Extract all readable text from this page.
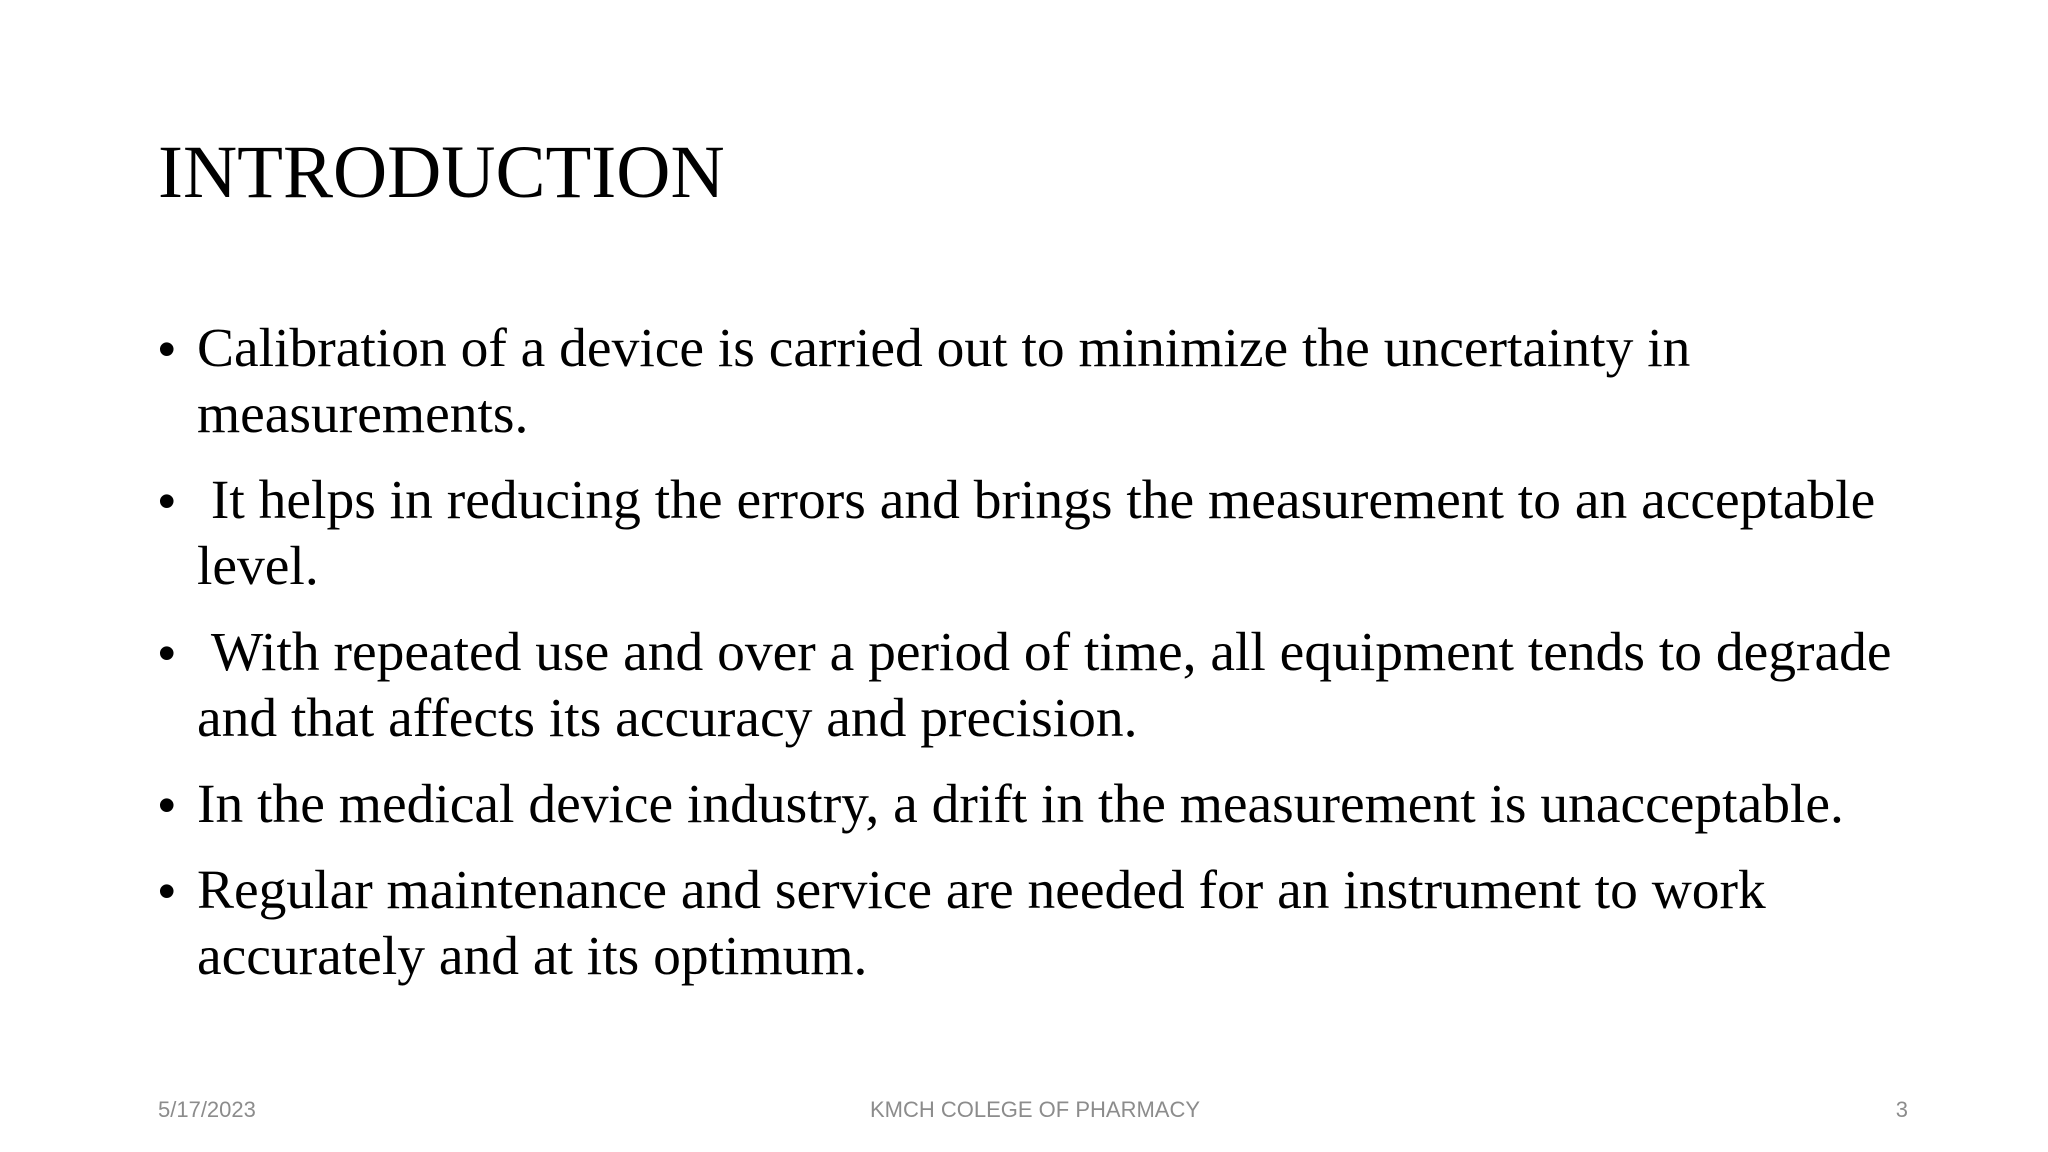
INTRODUCTION
• Calibration of a device is carried out to minimize the uncertainty in measurements.
• It helps in reducing the errors and brings the measurement to an acceptable level.
• With repeated use and over a period of time, all equipment tends to degrade and that affects its accuracy and precision.
• In the medical device industry, a drift in the measurement is unacceptable.
• Regular maintenance and service are needed for an instrument to work accurately and at its optimum.
5/17/2023	KMCH COLEGE OF PHARMACY	3
